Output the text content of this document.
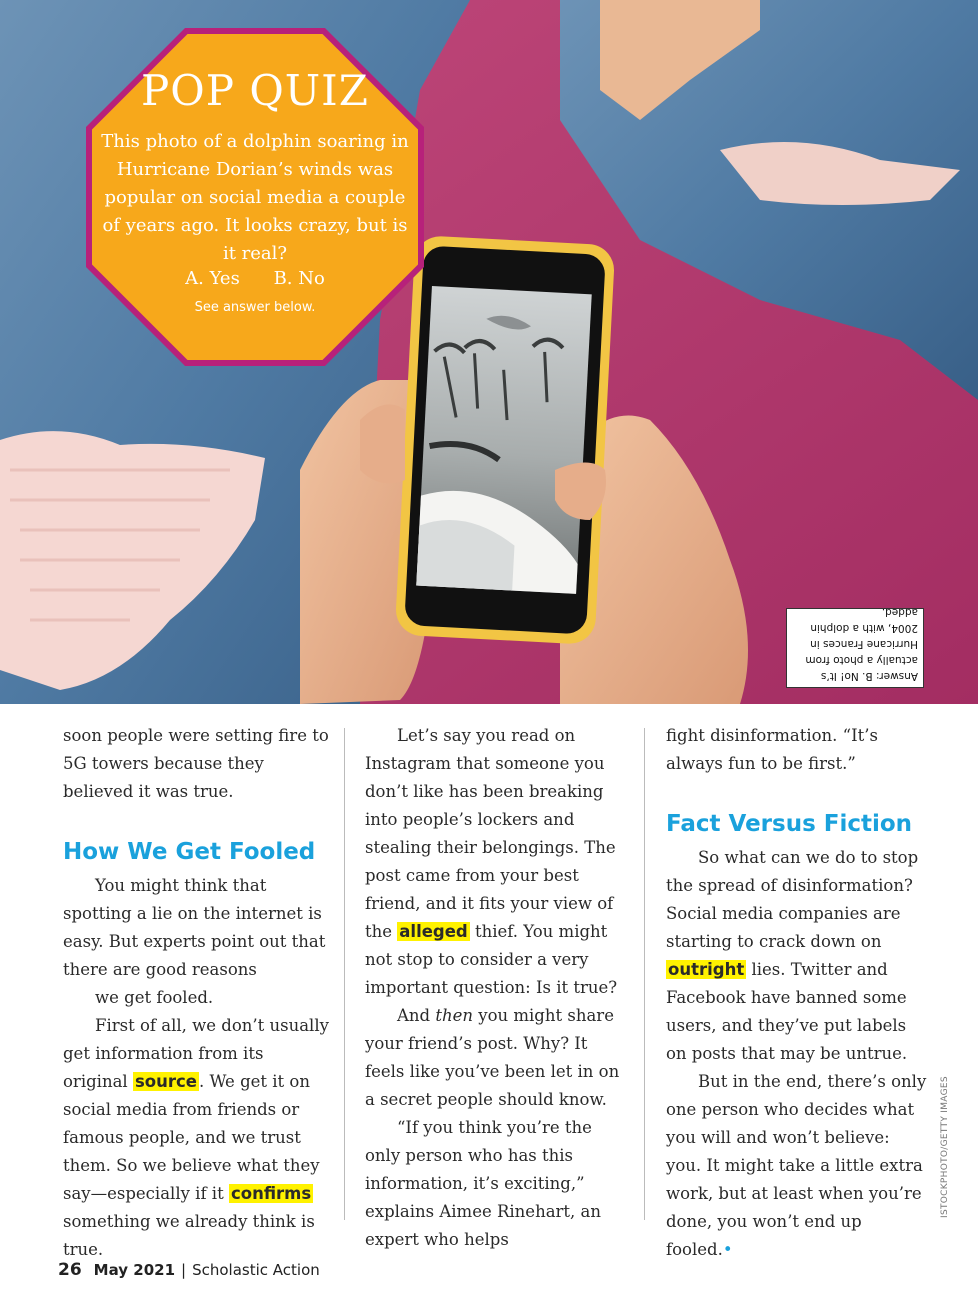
POP QUIZ
This photo of a dolphin soaring in Hurricane Dorian’s winds was popular on social media a couple of years ago. It looks crazy, but is it real?
A. Yes B. No
See answer below.
Answer: B. No! It’s actually a photo from Hurricane Frances in 2004, with a dolphin added.

soon people were setting fire to 5G towers because they believed it was true.

How We Get Fooled

You might think that spotting a lie on the internet is easy. But experts point out that there are good reasons

we get fooled.

First of all, we don’t usually get information from its original source . We get it on social media from friends or famous people, and we trust them. So we believe what they say—especially if it confirms something we already think is true.

Let’s say you read on Instagram that someone you don’t like has been breaking into people’s lockers and stealing their belongings. The post came from your best friend, and it fits your view of the alleged thief. You might not stop to consider a very important question: Is it true?

And then you might share your friend’s post. Why? It feels like you’ve been let in on a secret people should know.

“If you think you’re the only person who has this information, it’s exciting,” explains Aimee Rinehart, an expert who helps

fight disinformation. “It’s always fun to be first.”

Fact Versus Fiction

So what can we do to stop the spread of disinformation? Social media companies are starting to crack down on outright lies. Twitter and Facebook have banned some users, and they’ve put labels on posts that may be untrue.

But in the end, there’s only one person who decides what you will and won’t believe: you. It might take a little extra work, but at least when you’re done, you won’t end up fooled.•

26 May 2021 | Scholastic Action
ISTOCKPHOTO/GETTY IMAGES
